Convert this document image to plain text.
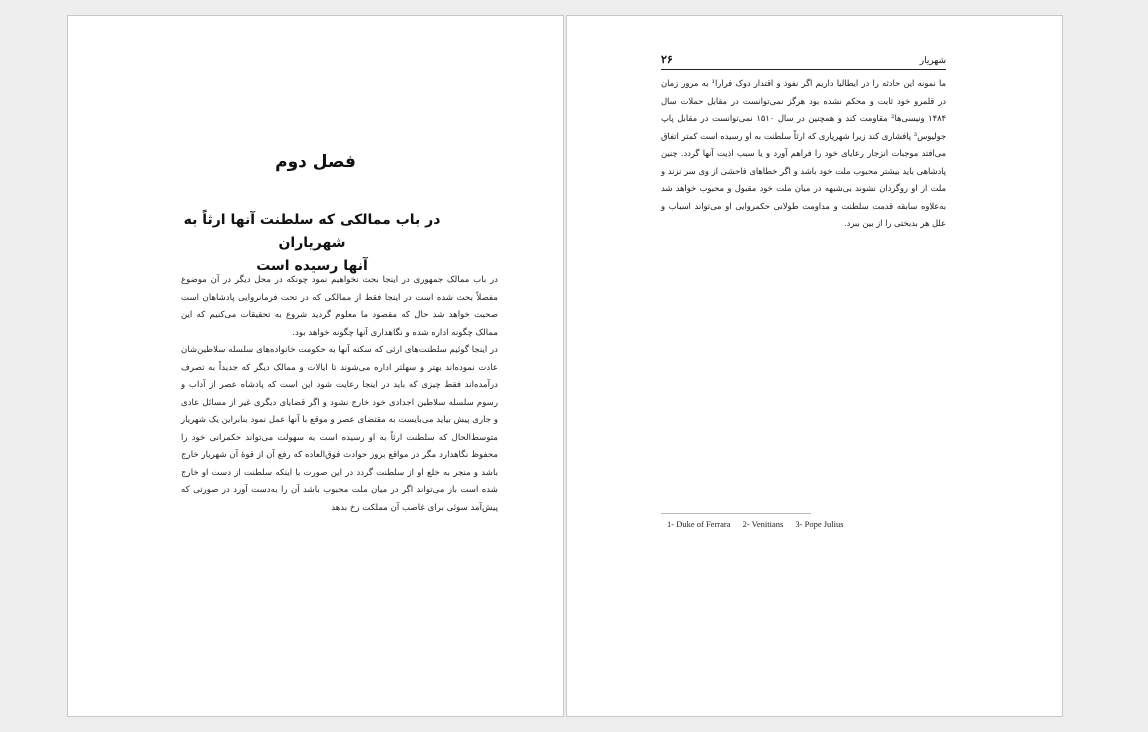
فصل دوم
در باب ممالکی که سلطنت آنها ارثاً به شهریاران
آنها رسیده است

در باب ممالک جمهوری در اینجا بحث نخواهیم نمود چونکه در محل دیگر در آن موضوع مفصلاً بحث شده است در اینجا فقط از ممالکی که در تحت فرمانروایی پادشاهان است صحبت خواهد شد حال که مقصود ما معلوم گردید شروع به تحقیقات می‌کنیم که این ممالک چگونه اداره شده و نگاهداری آنها چگونه خواهد بود.

در اینجا گوئیم سلطنت‌های ارثی که سکنه آنها به حکومت خانواده‌های سلسله سلاطین‌شان عادت نموده‌اند بهتر و سهلتر اداره می‌شوند تا ایالات و ممالک دیگر که جدیداً به تصرف درآمده‌اند فقط چیزی که باید در اینجا رعایت شود این است که پادشاه عصر از آداب و رسوم سلسله سلاطین اجدادی خود خارج نشود و اگر قضایای دیگری غیر از مسائل عادی و جاری پیش بیاید می‌بایست به مقتضای عصر و موقع با آنها عمل نمود بنابراین یک شهریار متوسط‌الحال که سلطنت ارثاً به او رسیده است به سهولت می‌تواند حکمرانی خود را محفوظ نگاهدارد مگر در مواقع بروز حوادث فوق‌العاده که رفع آن از قوهٔ آن شهریار خارج باشد و منجر به خلع او از سلطنت گردد در این صورت با اینکه سلطنت از دست او خارج شده است باز می‌تواند اگر در میان ملت محبوب باشد آن را به‌دست آورد در صورتی که پیش‌آمد سوئی برای غاصب آن مملکت رخ بدهد

شهریار
۲۶

ما نمونه این حادثه را در ایطالیا داریم اگر نفوذ و اقتدار دوک فرارا¹ به مرور زمان در قلمرو خود ثابت و محکم نشده بود هرگز نمی‌توانست در مقابل حملات سال ۱۴۸۴ ونیسی‌ها² مقاومت کند و همچنین در سال ۱۵۱۰ نمی‌توانست در مقابل پاپ جولیوس³ پافشاری کند زیرا شهریاری که ارثاً سلطنت به او رسیده است کمتر اتفاق می‌افتد موجبات انزجار رعایای خود را فراهم آورد و یا سبب اذیت آنها گردد. چنین پادشاهی باید بیشتر محبوب ملت خود باشد و اگر خطاهای فاحشی از وی سر نزند و ملت از او روگردان نشوند بی‌شبهه در میان ملت خود مقبول و محبوب خواهد شد به‌علاوه سابقه قدمت سلطنت و مداومت طولانی حکمروایی او می‌تواند اسباب و علل هر بدبختی را از بین ببرد.

1- Duke of Ferrara 2- Venitians 3- Pope Julius
